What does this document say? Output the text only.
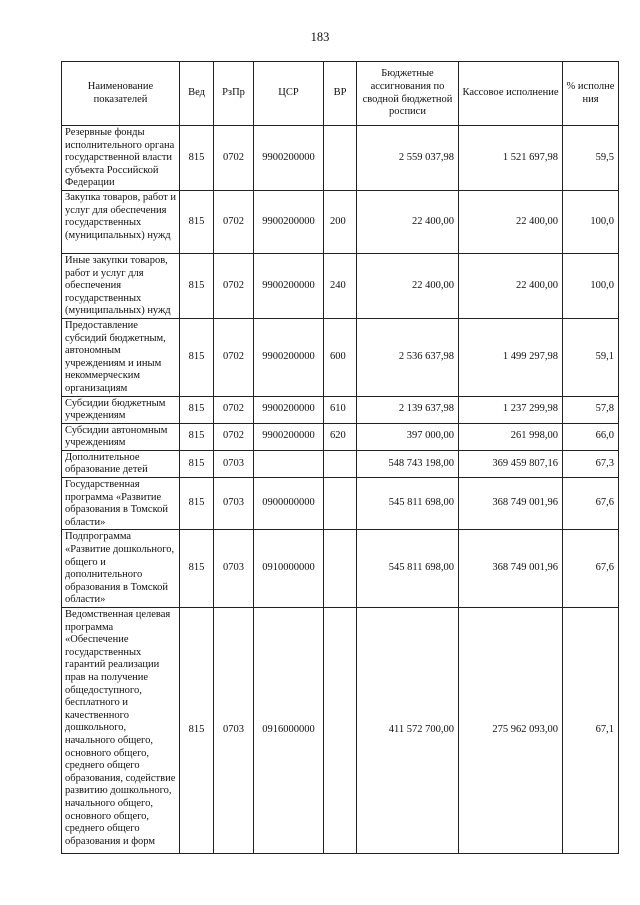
183
Наименование показателей	Вед	РзПр	ЦСР	ВР	Бюджетные ассигнования по сводной бюджетной росписи	Кассовое исполнение	% исполне ния
Резервные фонды исполнительного органа государственной власти субъекта Российской Федерации	815	0702	9900200000		2 559 037,98	1 521 697,98	59,5
Закупка товаров, работ и услуг для обеспечения государственных (муниципальных) нужд	815	0702	9900200000	200	22 400,00	22 400,00	100,0
Иные закупки товаров, работ и услуг для обеспечения государственных (муниципальных) нужд	815	0702	9900200000	240	22 400,00	22 400,00	100,0
Предоставление субсидий бюджетным, автономным учреждениям и иным некоммерческим организациям	815	0702	9900200000	600	2 536 637,98	1 499 297,98	59,1
Субсидии бюджетным учреждениям	815	0702	9900200000	610	2 139 637,98	1 237 299,98	57,8
Субсидии автономным учреждениям	815	0702	9900200000	620	397 000,00	261 998,00	66,0
Дополнительное образование детей	815	0703			548 743 198,00	369 459 807,16	67,3
Государственная программа «Развитие образования в Томской области»	815	0703	0900000000		545 811 698,00	368 749 001,96	67,6
Подпрограмма «Развитие дошкольного, общего и дополнительного образования в Томской области»	815	0703	0910000000		545 811 698,00	368 749 001,96	67,6
Ведомственная целевая программа «Обеспечение государственных гарантий реализации прав на получение общедоступного, бесплатного и качественного дошкольного, начального общего, основного общего, среднего общего образования, содействие развитию дошкольного, начального общего, основного общего, среднего общего образования и форм	815	0703	0916000000		411 572 700,00	275 962 093,00	67,1
